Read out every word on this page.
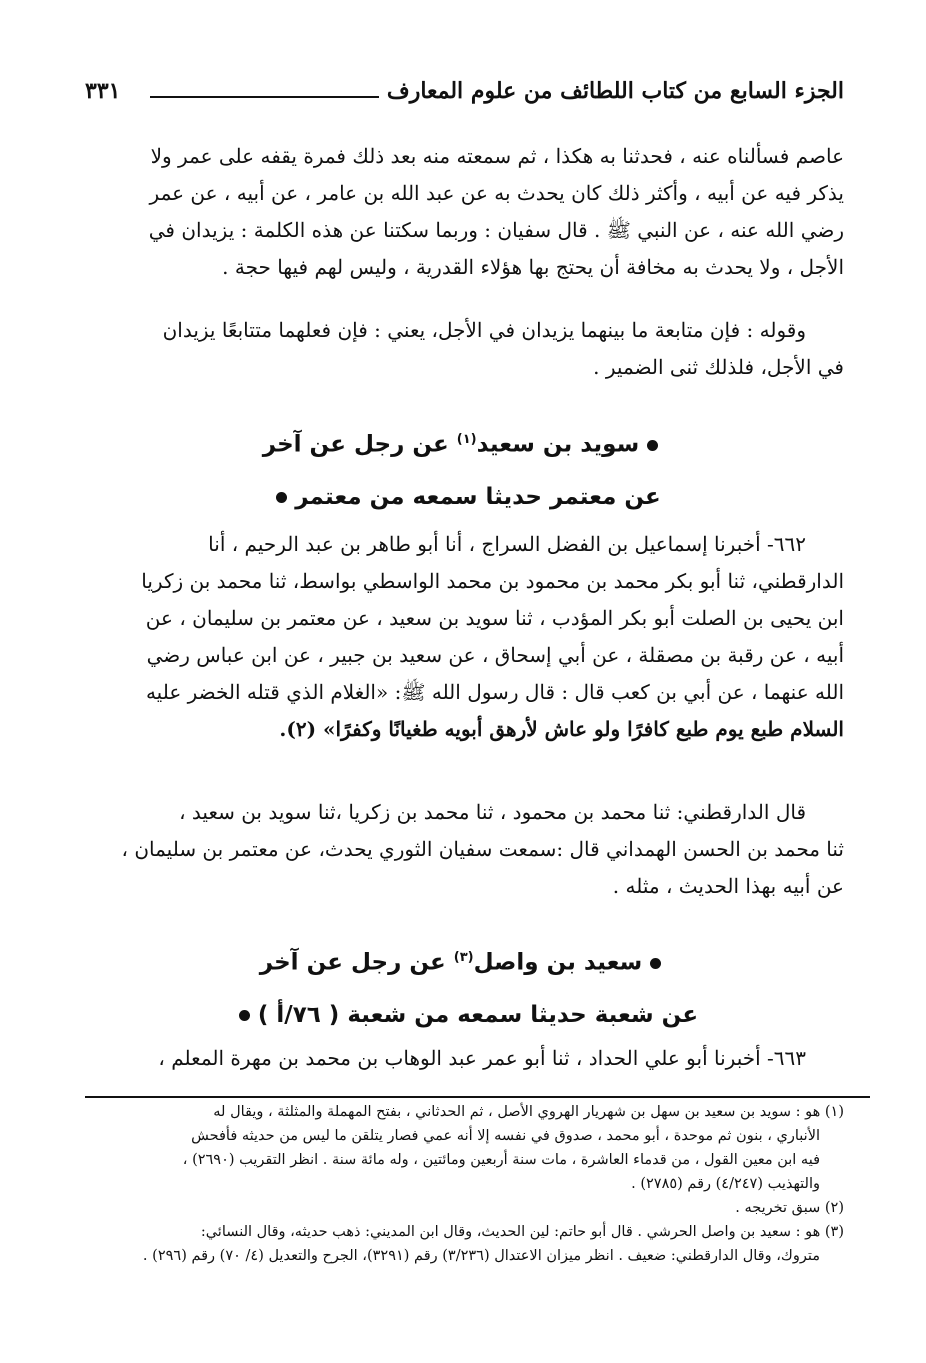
الجزء السابع من كتاب اللطائف من علوم المعارف
٣٣١

عاصم فسألناه عنه ، فحدثنا به هكذا ، ثم سمعته منه بعد ذلك فمرة يقفه على عمر ولا

يذكر فيه عن أبيه ، وأكثر ذلك كان يحدث به عن عبد الله بن عامر ، عن أبيه ، عن عمر

رضي الله عنه ، عن النبي ﷺ . قال سفيان : وربما سكتنا عن هذه الكلمة : يزيدان في

الأجل ، ولا يحدث به مخافة أن يحتج بها هؤلاء القدرية ، وليس لهم فيها حجة .

وقوله : فإن متابعة ما بينهما يزيدان في الأجل، يعني : فإن فعلهما متتابعًا يزيدان

في الأجل، فلذلك ثنى الضمير .

سويد بن سعيد$^{(١)}$ عن رجل عن آخر
عن معتمر حديثا سمعه من معتمر

٦٦٢- أخبرنا إسماعيل بن الفضل السراج ، أنا أبو طاهر بن عبد الرحيم ، أنا

الدارقطني، ثنا أبو بكر محمد بن محمود بن محمد الواسطي بواسط، ثنا محمد بن زكريا

ابن يحيى بن الصلت أبو بكر المؤدب ، ثنا سويد بن سعيد ، عن معتمر بن سليمان ، عن

أبيه ، عن رقبة بن مصقلة ، عن أبي إسحاق ، عن سعيد بن جبير ، عن ابن عباس رضي

الله عنهما ، عن أبي بن كعب قال : قال رسول الله ﷺ: «الغلام الذي قتله الخضر عليه

السلام طبع يوم طبع كافرًا ولو عاش لأرهق أبويه طغيانًا وكفرًا» (٢).

قال الدارقطني: ثنا محمد بن محمود ، ثنا محمد بن زكريا ،ثنا سويد بن سعيد ،

ثنا محمد بن الحسن الهمداني قال :سمعت سفيان الثوري يحدث، عن معتمر بن سليمان ،

عن أبيه بهذا الحديث ، مثله .

سعيد بن واصل$^{(٣)}$ عن رجل عن آخر
عن شعبة حديثا سمعه من شعبة ( ٧٦/أ )

٦٦٣- أخبرنا أبو علي الحداد ، ثنا أبو عمر عبد الوهاب بن محمد بن مهرة المعلم ،

(١) هو : سويد بن سعيد بن سهل بن شهريار الهروي الأصل ، ثم الحدثاني ، بفتح المهملة والمثلثة ، ويقال له

الأنباري ، بنون ثم موحدة ، أبو محمد ، صدوق في نفسه إلا أنه عمي فصار يتلقن ما ليس من حديثه فأفحش

فيه ابن معين القول ، من قدماء العاشرة ، مات سنة أربعين ومائتين ، وله مائة سنة . انظر التقريب (٢٦٩٠) ،

والتهذيب (٤/٢٤٧) رقم (٢٧٨٥) .

(٢) سبق تخريجه .

(٣) هو : سعيد بن واصل الحرشي . قال أبو حاتم: لين الحديث، وقال ابن المديني: ذهب حديثه، وقال النسائي:

متروك، وقال الدارقطني: ضعيف . انظر ميزان الاعتدال (٣/٢٣٦) رقم (٣٢٩١)، الجرح والتعديل (٤/ ٧٠) رقم (٢٩٦) .
